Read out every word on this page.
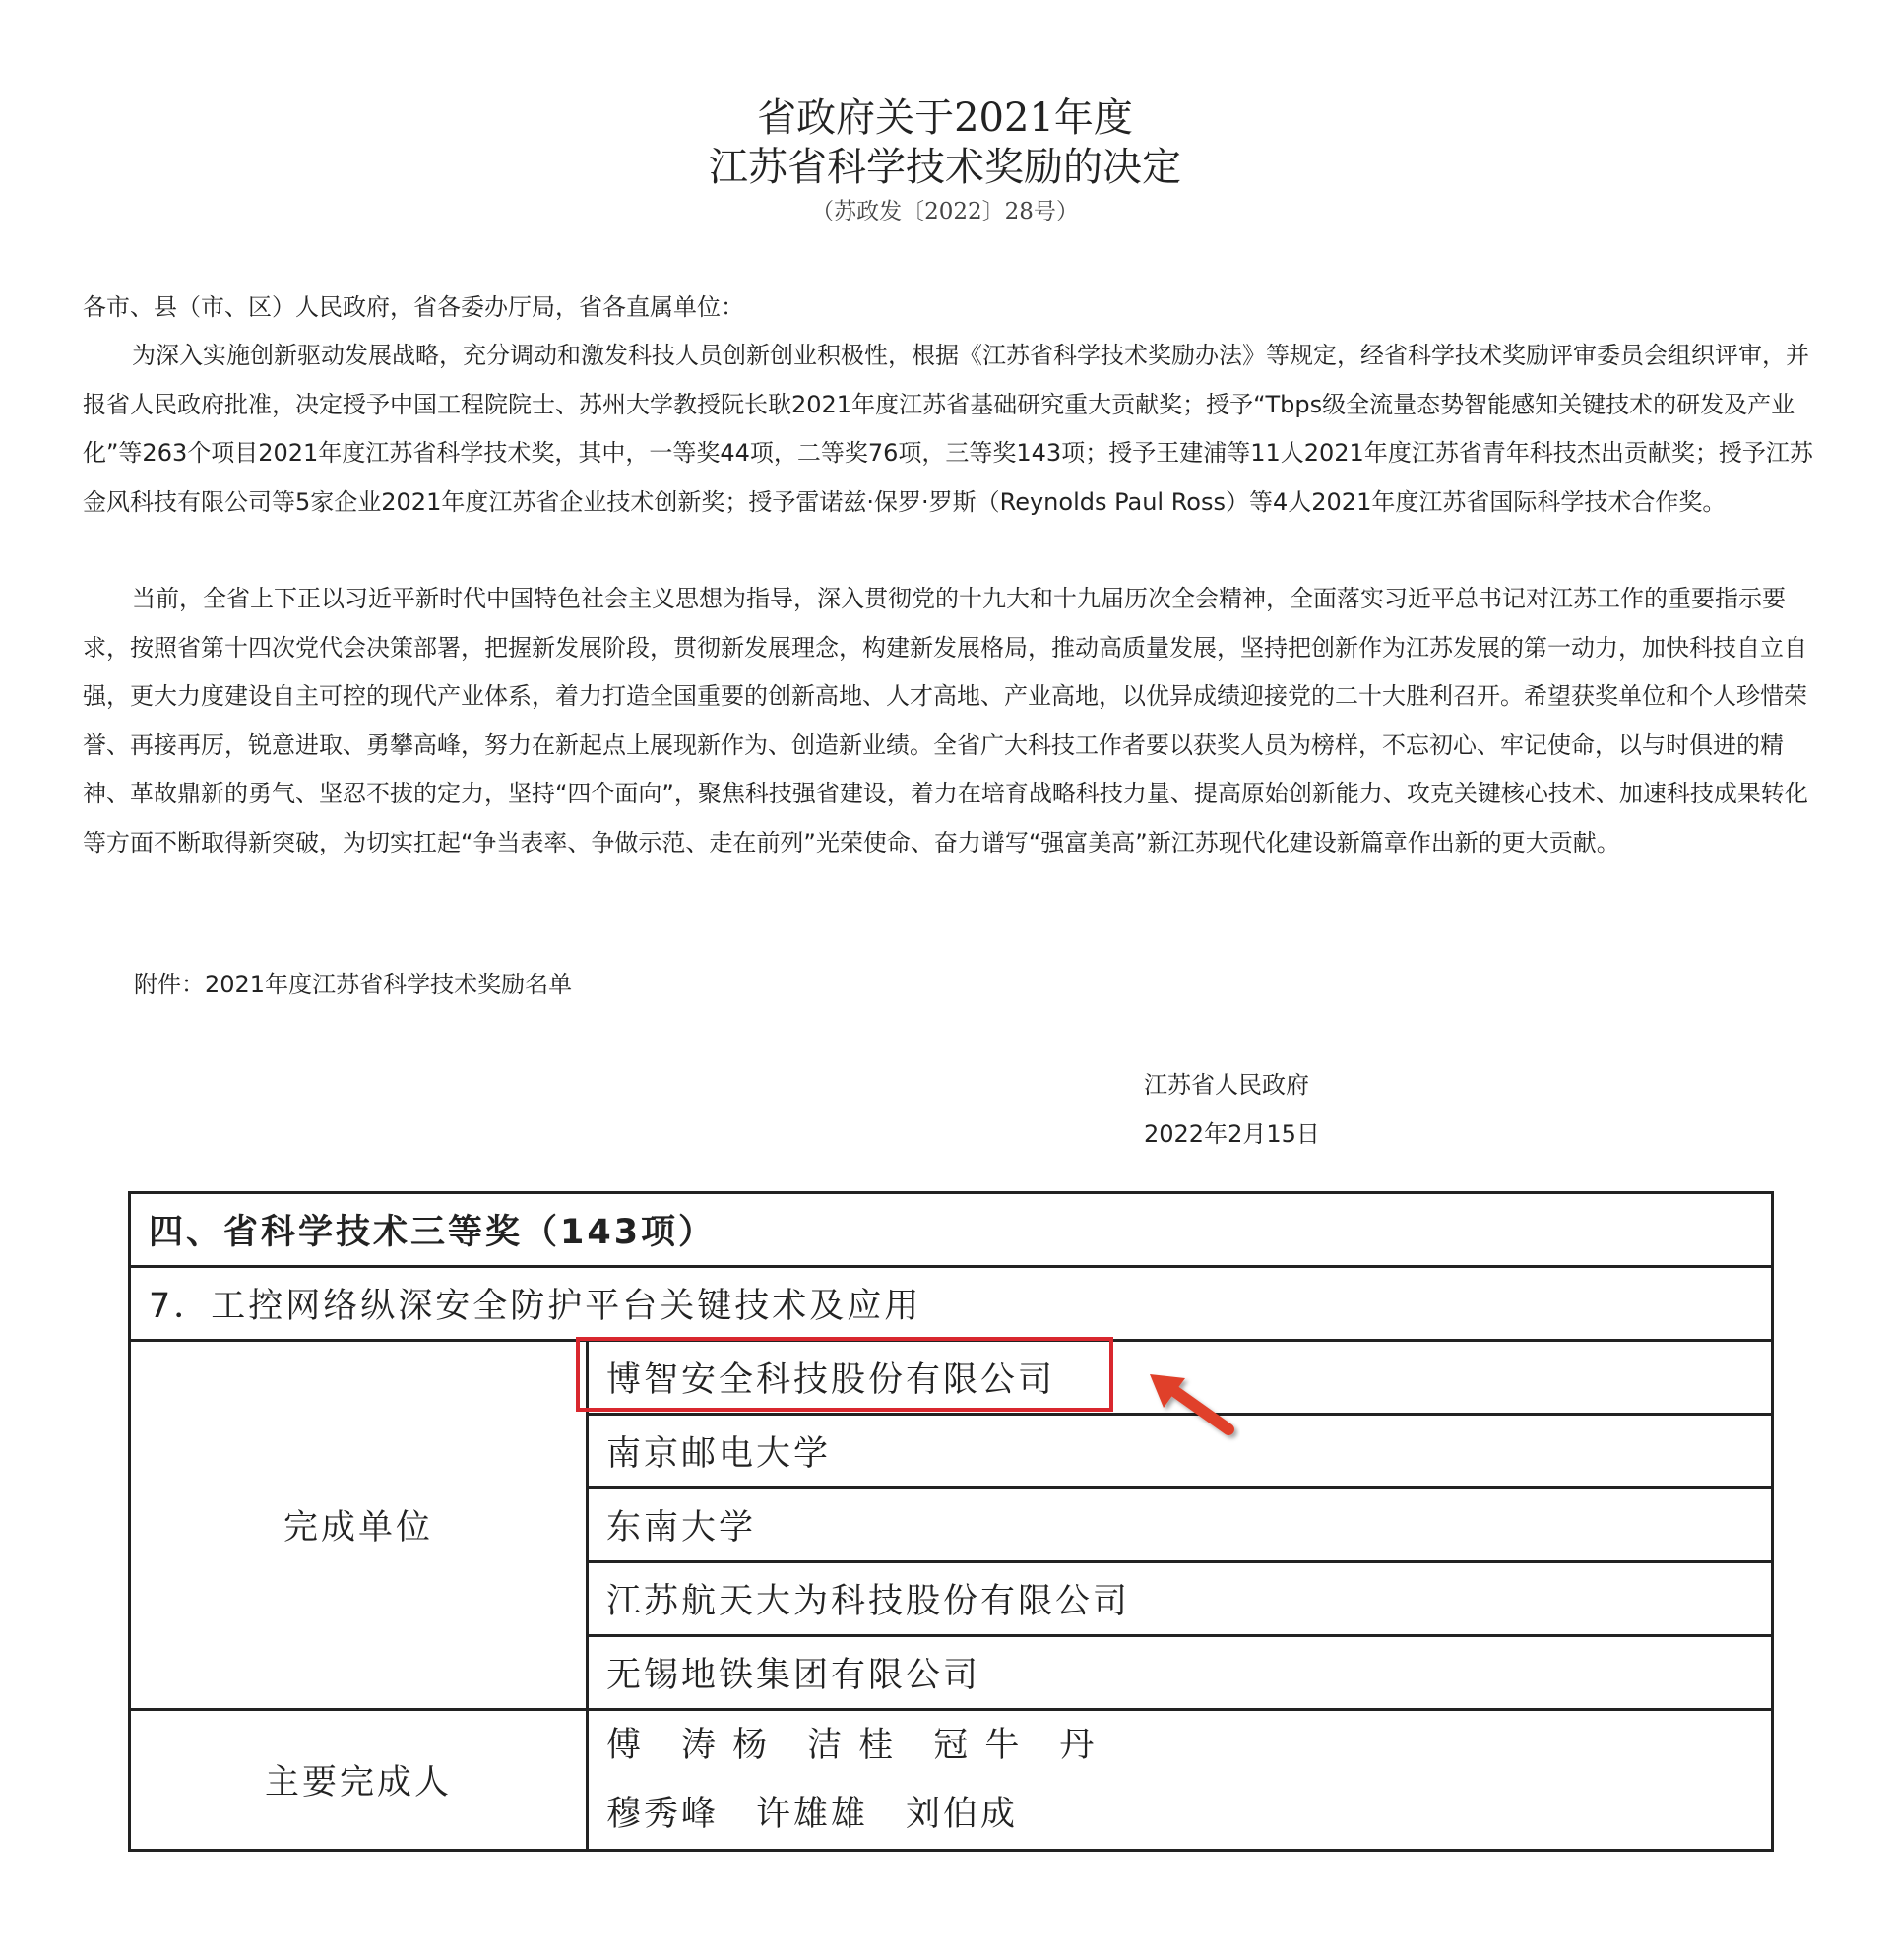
省政府关于2021年度
江苏省科学技术奖励的决定
（苏政发〔2022〕28号）
各市、县（市、区）人民政府，省各委办厅局，省各直属单位：

为深入实施创新驱动发展战略，充分调动和激发科技人员创新创业积极性，根据《江苏省科学技术奖励办法》等规定，经省科学技术奖励评审委员会组织评审，并报省人民政府批准，决定授予中国工程院院士、苏州大学教授阮长耿2021年度江苏省基础研究重大贡献奖；授予“Tbps级全流量态势智能感知关键技术的研发及产业化”等263个项目2021年度江苏省科学技术奖，其中，一等奖44项，二等奖76项，三等奖143项；授予王建浦等11人2021年度江苏省青年科技杰出贡献奖；授予江苏金风科技有限公司等5家企业2021年度江苏省企业技术创新奖；授予雷诺兹·保罗·罗斯（Reynolds Paul Ross）等4人2021年度江苏省国际科学技术合作奖。

当前，全省上下正以习近平新时代中国特色社会主义思想为指导，深入贯彻党的十九大和十九届历次全会精神，全面落实习近平总书记对江苏工作的重要指示要求，按照省第十四次党代会决策部署，把握新发展阶段，贯彻新发展理念，构建新发展格局，推动高质量发展，坚持把创新作为江苏发展的第一动力，加快科技自立自强，更大力度建设自主可控的现代产业体系，着力打造全国重要的创新高地、人才高地、产业高地，以优异成绩迎接党的二十大胜利召开。希望获奖单位和个人珍惜荣誉、再接再厉，锐意进取、勇攀高峰，努力在新起点上展现新作为、创造新业绩。全省广大科技工作者要以获奖人员为榜样，不忘初心、牢记使命，以与时俱进的精神、革故鼎新的勇气、坚忍不拔的定力，坚持“四个面向”，聚焦科技强省建设，着力在培育战略科技力量、提高原始创新能力、攻克关键核心技术、加速科技成果转化等方面不断取得新突破，为切实扛起“争当表率、争做示范、走在前列”光荣使命、奋力谱写“强富美高”新江苏现代化建设新篇章作出新的更大贡献。

附件：2021年度江苏省科学技术奖励名单
江苏省人民政府
2022年2月15日
四、省科学技术三等奖（143项）	
7．工控网络纵深安全防护平台关键技术及应用	
完成单位	博智安全科技股份有限公司
	南京邮电大学
	东南大学
	江苏航天大为科技股份有限公司
	无锡地铁集团有限公司
主要完成人	傅　涛 杨　洁 桂　冠 牛　丹
穆秀峰　许雄雄　刘伯成
